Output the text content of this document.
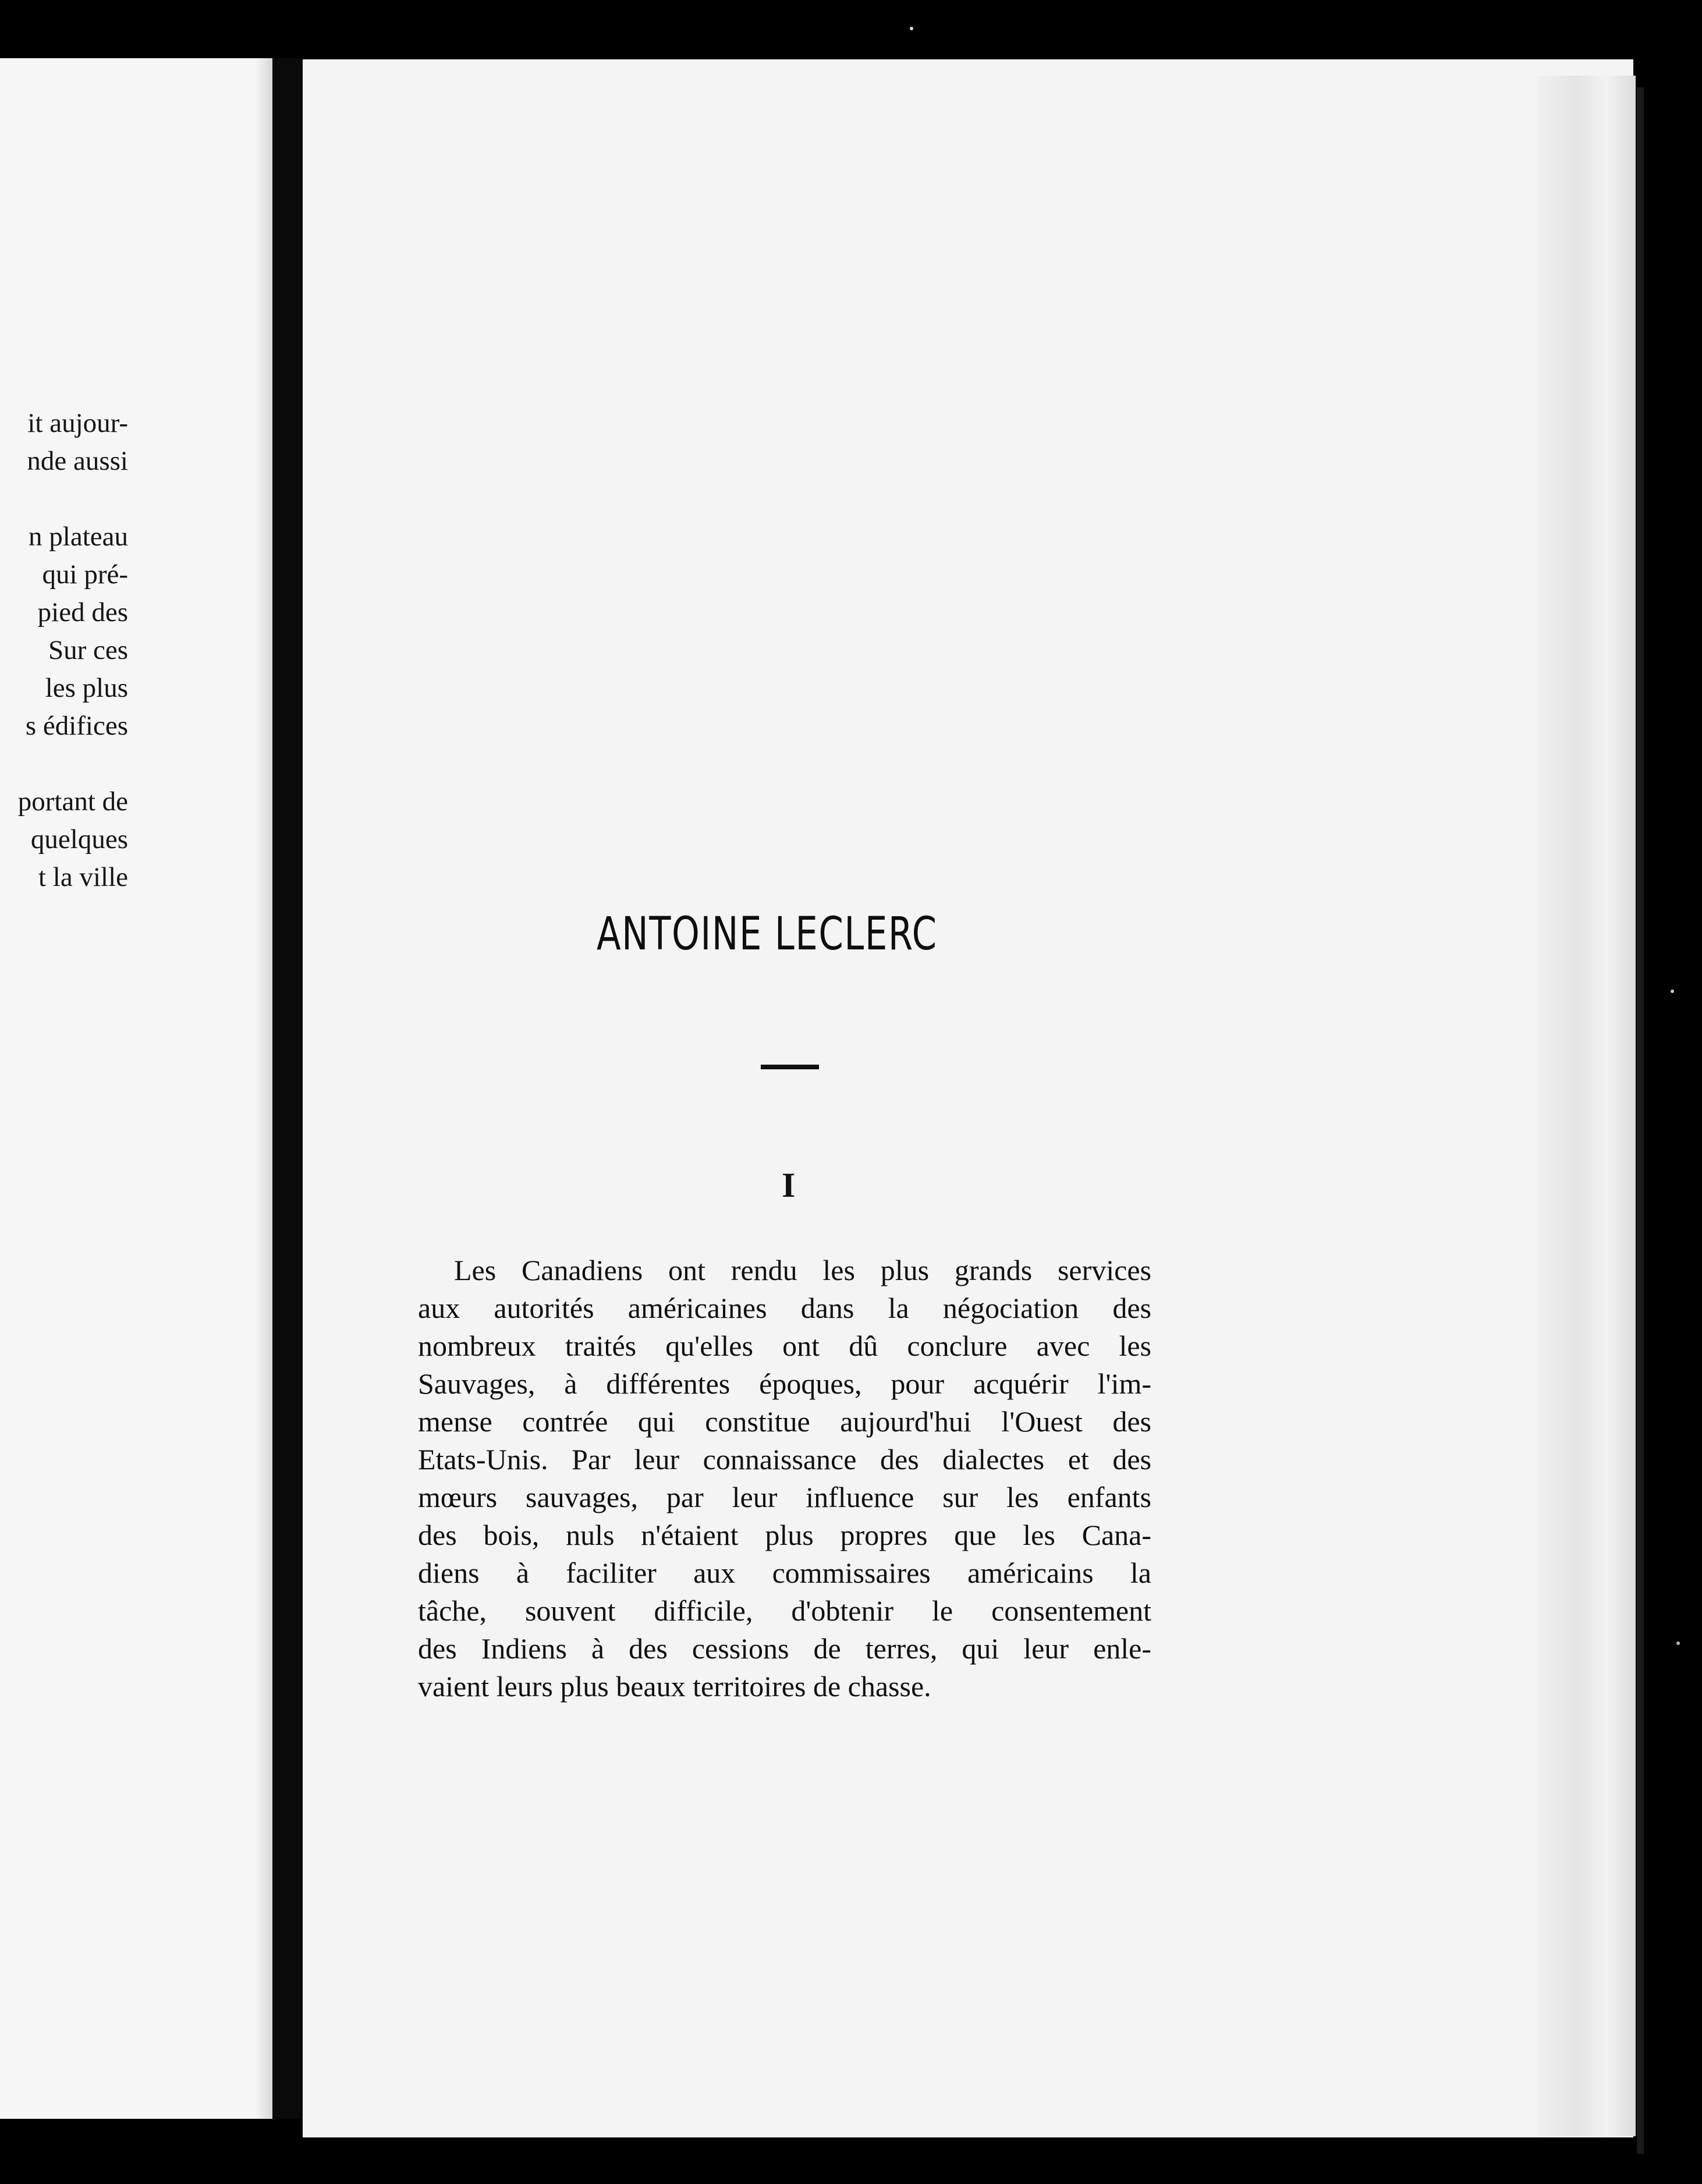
it aujour-
nde aussi
n plateau
qui pré-
pied des
Sur ces
les plus
s édifices
portant de
quelques
t la ville
ANTOINE LECLERC
I
Les Canadiens ont rendu les plus grands services
aux autorités américaines dans la négociation des
nombreux traités qu'elles ont dû conclure avec les
Sauvages, à différentes époques, pour acquérir l'im-
mense contrée qui constitue aujourd'hui l'Ouest des
Etats-Unis. Par leur connaissance des dialectes et des
mœurs sauvages, par leur influence sur les enfants
des bois, nuls n'étaient plus propres que les Cana-
diens à faciliter aux commissaires américains la
tâche, souvent difficile, d'obtenir le consentement
des Indiens à des cessions de terres, qui leur enle-
vaient leurs plus beaux territoires de chasse.
